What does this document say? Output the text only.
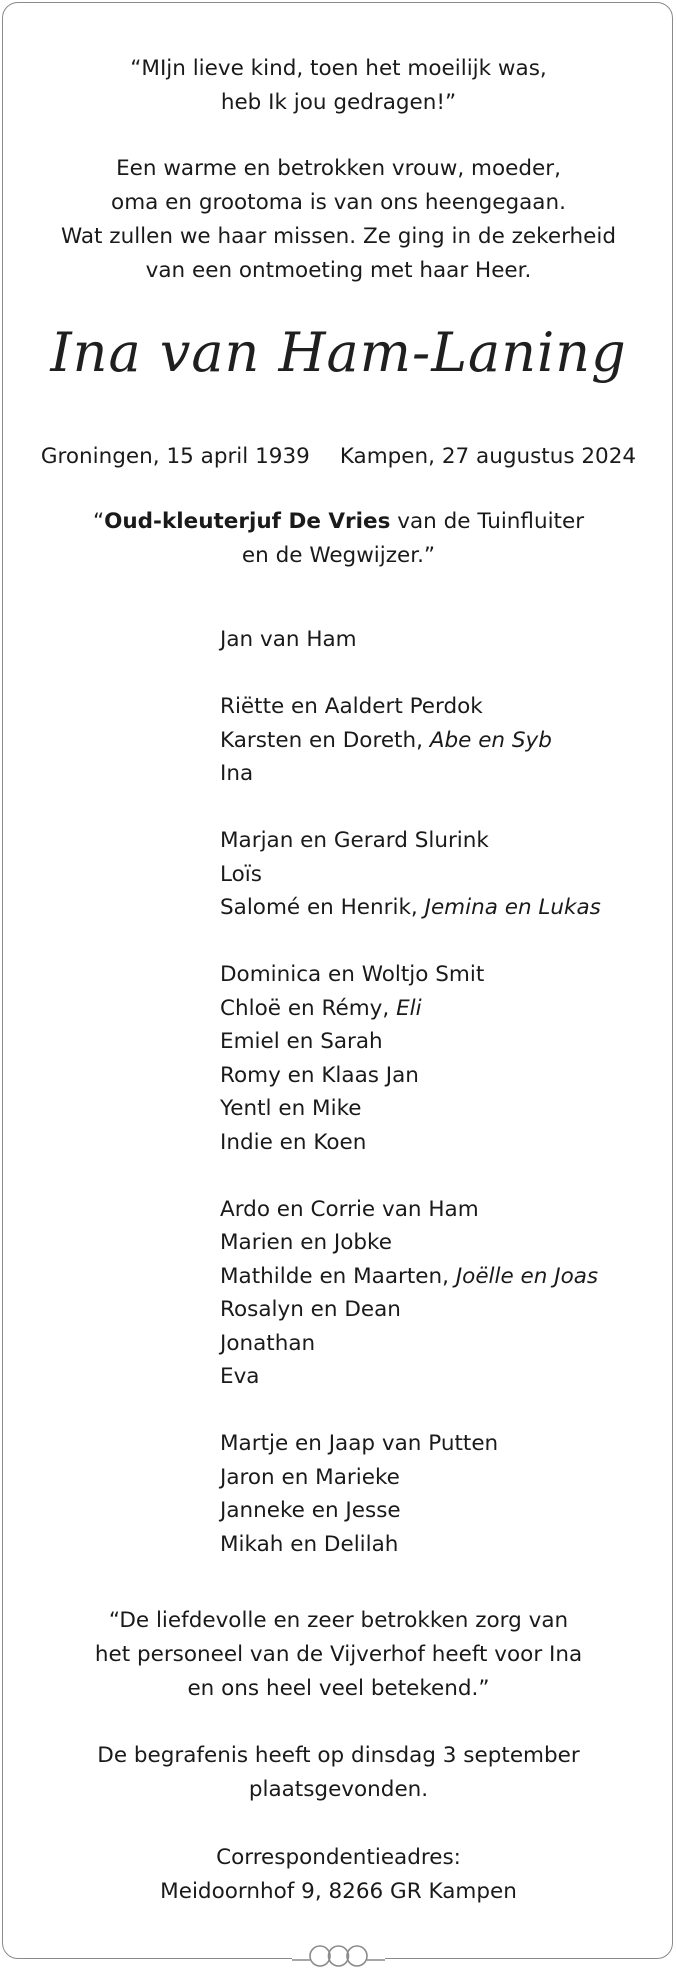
“MIjn lieve kind, toen het moeilijk was,
heb Ik jou gedragen!”
Een warme en betrokken vrouw, moeder,
oma en grootoma is van ons heengegaan.
Wat zullen we haar missen. Ze ging in de zekerheid
van een ontmoeting met haar Heer.
Ina van Ham-Laning
Groningen, 15 april 1939 Kampen, 27 augustus 2024
“Oud-kleuterjuf De Vries van de Tuinfluiter
en de Wegwijzer.”
Jan van Ham
Riëtte en Aaldert Perdok
Karsten en Doreth, Abe en Syb
Ina
Marjan en Gerard Slurink
Loïs
Salomé en Henrik, Jemina en Lukas
Dominica en Woltjo Smit
Chloë en Rémy, Eli
Emiel en Sarah
Romy en Klaas Jan
Yentl en Mike
Indie en Koen
Ardo en Corrie van Ham
Marien en Jobke
Mathilde en Maarten, Joëlle en Joas
Rosalyn en Dean
Jonathan
Eva
Martje en Jaap van Putten
Jaron en Marieke
Janneke en Jesse
Mikah en Delilah
“De liefdevolle en zeer betrokken zorg van
het personeel van de Vijverhof heeft voor Ina
en ons heel veel betekend.”
De begrafenis heeft op dinsdag 3 september
plaatsgevonden.
Correspondentieadres:
Meidoornhof 9, 8266 GR Kampen
